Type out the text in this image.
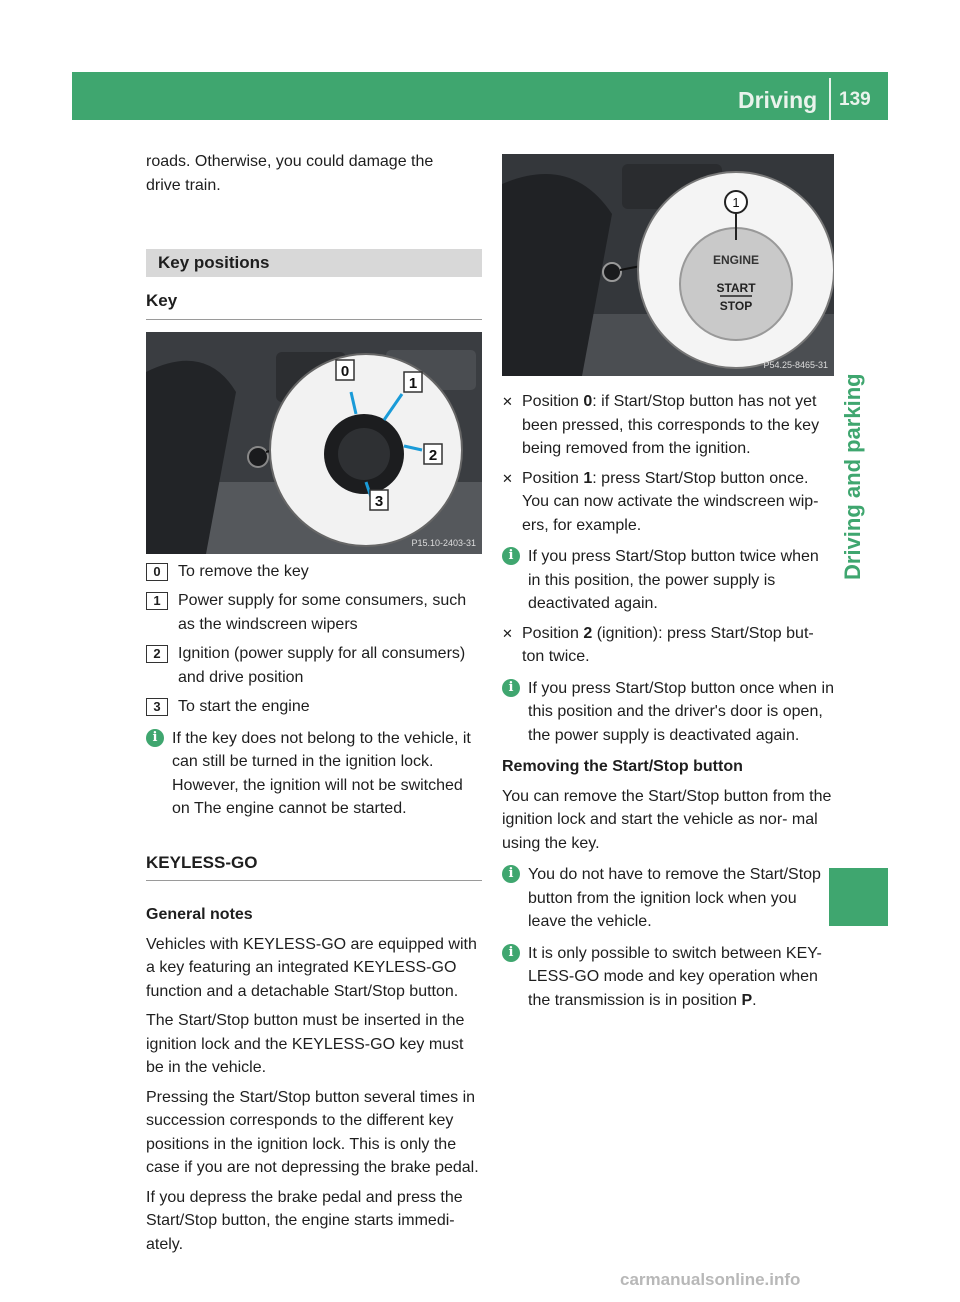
Driving 139
Driving and parking

roads. Otherwise, you could damage the

drive train.

Key positions
Key
0
1
2
3
P15.10-2403-31
0	To remove the key
1	Power supply for some consumers, such as the windscreen wipers
2	Ignition (power supply for all consumers) and drive position
3	To start the engine
i If the key does not belong to the vehicle, it can still be turned in the ignition lock. However, the ignition will not be switched on The engine cannot be started.
KEYLESS-GO

General notes

Vehicles with KEYLESS-GO are equipped with a key featuring an integrated KEYLESS-GO function and a detachable Start/Stop button.

The Start/Stop button must be inserted in the ignition lock and the KEYLESS-GO key must be in the vehicle.

Pressing the Start/Stop button several times in succession corresponds to the different key positions in the ignition lock. This is only the case if you are not depressing the brake pedal.

If you depress the brake pedal and press the Start/Stop button, the engine starts immedi- ately.

1
ENGINE
START
STOP
P54.25-8465-31
✕ Position 0: if Start/Stop button has not yet been pressed, this corresponds to the key being removed from the ignition.
✕ Position 1: press Start/Stop button once.
You can now activate the windscreen wip- ers, for example.
i If you press Start/Stop button twice when in this position, the power supply is deactivated again.
✕ Position 2 (ignition): press Start/Stop but- ton twice.
i If you press Start/Stop button once when in this position and the driver's door is open, the power supply is deactivated again.

Removing the Start/Stop button

You can remove the Start/Stop button from the ignition lock and start the vehicle as nor- mal using the key.

i You do not have to remove the Start/Stop button from the ignition lock when you leave the vehicle.
i It is only possible to switch between KEY- LESS-GO mode and key operation when the transmission is in position P.
carmanualsonline.info
